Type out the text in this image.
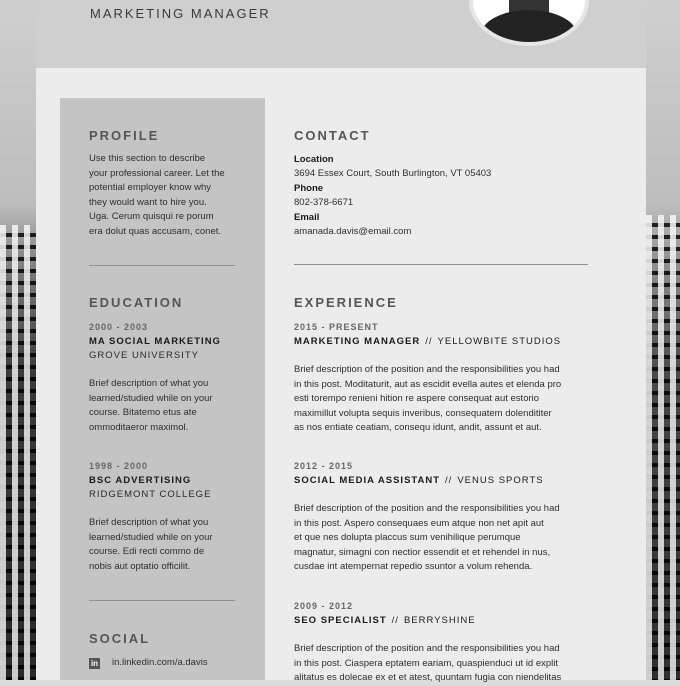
MARKETING MANAGER
PROFILE
Use this section to describe
your professional career. Let the
potential employer know why
they would want to hire you.
Uga. Cerum quisqui re porum
era dolut quas accusam, conet.
EDUCATION
2000 - 2003
MA SOCIAL MARKETING
GROVE UNIVERSITY
Brief description of what you
learned/studied while on your
course. Bitatemo etus ate
ommoditaeror maximol.
1998 - 2000
BSC ADVERTISING
RIDGEMONT COLLEGE
Brief description of what you
learned/studied while on your
course. Edi recti commo de
nobis aut optatio officilit.
SOCIAL
in in.linkedin.com/a.davis
CONTACT
Location
3694 Essex Court, South Burlington, VT 05403
Phone
802-378-6671
Email
amanada.davis@email.com
EXPERIENCE
2015 - PRESENT
MARKETING MANAGER // YELLOWBITE STUDIOS
Brief description of the position and the responsibilities you had
in this post. Moditaturit, aut as escidit evella autes et elenda pro
esti torempo renieni hition re aspere consequat aut estorio
maximillut volupta sequis inveribus, consequatem dolendititer
as nos entiate ceatiam, consequ idunt, andit, assunt et aut.
2012 - 2015
SOCIAL MEDIA ASSISTANT // VENUS SPORTS
Brief description of the position and the responsibilities you had
in this post. Aspero consequaes eum atque non net apit aut
et que nes dolupta placcus sum venihilique perumque
magnatur, simagni con nectior essendit et et rehendel in nus,
cusdae int atempernat repedio ssuntor a volum rehenda.
2009 - 2012
SEO SPECIALIST // BERRYSHINE
Brief description of the position and the responsibilities you had
in this post. Ciaspera eptatem eariam, quaspienduci ut id explit
alitatus es dolecae ex et et atest, quuntam fugia con niendelitas
